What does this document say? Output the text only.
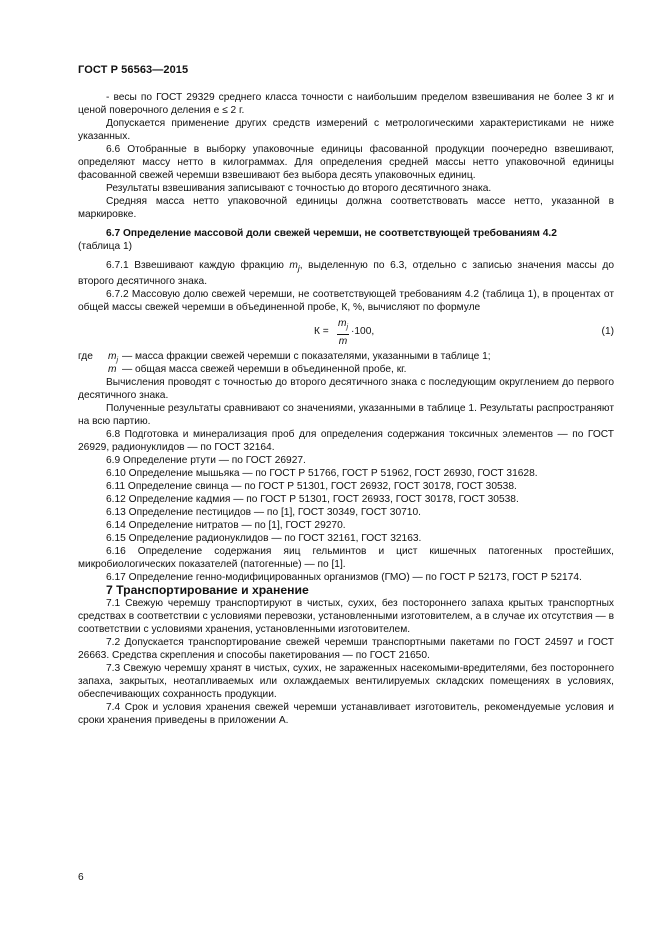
ГОСТ Р 56563—2015

- весы по ГОСТ 29329 среднего класса точности с наибольшим пределом взвешивания не более 3 кг и ценой поверочного деления е ≤ 2 г.

Допускается применение других средств измерений с метрологическими характеристиками не ниже указанных.

6.6 Отобранные в выборку упаковочные единицы фасованной продукции поочередно взвешивают, определяют массу нетто в килограммах. Для определения средней массы нетто упаковочной единицы фасованной свежей черемши взвешивают без выбора десять упаковочных единиц.

Результаты взвешивания записывают с точностью до второго десятичного знака.

Средняя масса нетто упаковочной единицы должна соответствовать массе нетто, указанной в маркировке.

6.7 Определение массовой доли свежей черемши, не соответствующей требованиям 4.2

(таблица 1)

6.7.1 Взвешивают каждую фракцию $m_j$, выделенную по 6.3, отдельно с записью значения массы до второго десятичного знака.

6.7.2 Массовую долю свежей черемши, не соответствующей требованиям 4.2 (таблица 1), в процентах от общей массы свежей черемши в объединенной пробе, К, %, вычисляют по формуле

К =
$m_j$
m
·100,	(1)
где $m_j$ — масса фракции свежей черемши с показателями, указанными в таблице 1;
m — общая масса свежей черемши в объединенной пробе, кг.

Вычисления проводят с точностью до второго десятичного знака с последующим округлением до первого десятичного знака.

Полученные результаты сравнивают со значениями, указанными в таблице 1. Результаты распространяют на всю партию.

6.8 Подготовка и минерализация проб для определения содержания токсичных элементов — по ГОСТ 26929, радионуклидов — по ГОСТ 32164.

6.9 Определение ртути — по ГОСТ 26927.

6.10 Определение мышьяка — по ГОСТ Р 51766, ГОСТ Р 51962, ГОСТ 26930, ГОСТ 31628.

6.11 Определение свинца — по ГОСТ Р 51301, ГОСТ 26932, ГОСТ 30178, ГОСТ 30538.

6.12 Определение кадмия — по ГОСТ Р 51301, ГОСТ 26933, ГОСТ 30178, ГОСТ 30538.

6.13 Определение пестицидов — по [1], ГОСТ 30349, ГОСТ 30710.

6.14 Определение нитратов — по [1], ГОСТ 29270.

6.15 Определение радионуклидов — по ГОСТ 32161, ГОСТ 32163.

6.16 Определение содержания яиц гельминтов и цист кишечных патогенных простейших, микробиологических показателей (патогенные) — по [1].

6.17 Определение генно-модифицированных организмов (ГМО) — по ГОСТ Р 52173, ГОСТ Р 52174.

7 Транспортирование и хранение

7.1 Свежую черемшу транспортируют в чистых, сухих, без постороннего запаха крытых транспортных средствах в соответствии с условиями перевозки, установленными изготовителем, а в случае их отсутствия — в соответствии с условиями хранения, установленными изготовителем.

7.2 Допускается транспортирование свежей черемши транспортными пакетами по ГОСТ 24597 и ГОСТ 26663. Средства скрепления и способы пакетирования — по ГОСТ 21650.

7.3 Свежую черемшу хранят в чистых, сухих, не зараженных насекомыми-вредителями, без постороннего запаха, закрытых, неотапливаемых или охлаждаемых вентилируемых складских помещениях в условиях, обеспечивающих сохранность продукции.

7.4 Срок и условия хранения свежей черемши устанавливает изготовитель, рекомендуемые условия и сроки хранения приведены в приложении А.

6
